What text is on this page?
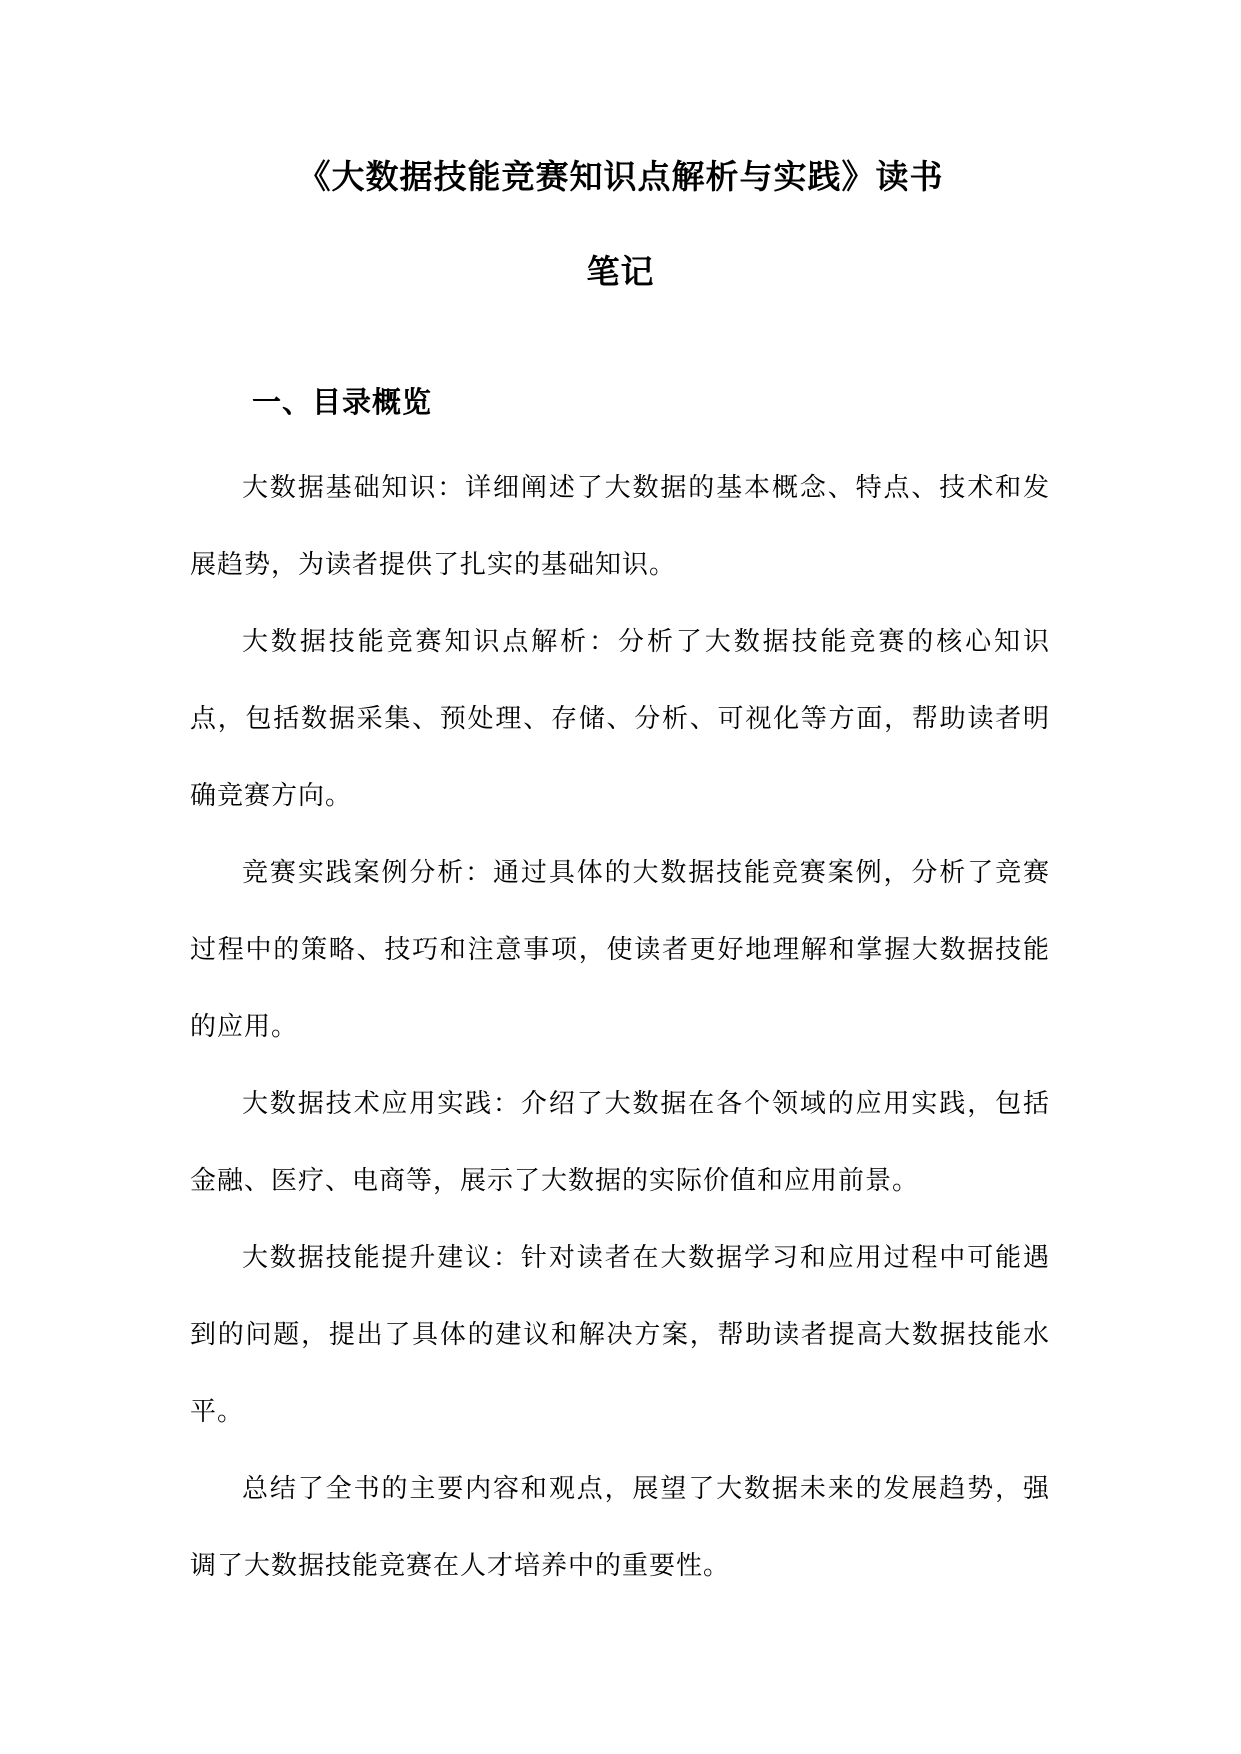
《大数据技能竞赛知识点解析与实践》读书
笔记
一、目录概览

大数据基础知识：详细阐述了大数据的基本概念、特点、技术和发展趋势，为读者提供了扎实的基础知识。

大数据技能竞赛知识点解析：分析了大数据技能竞赛的核心知识点，包括数据采集、预处理、存储、分析、可视化等方面，帮助读者明确竞赛方向。

竞赛实践案例分析：通过具体的大数据技能竞赛案例，分析了竞赛过程中的策略、技巧和注意事项，使读者更好地理解和掌握大数据技能的应用。

大数据技术应用实践：介绍了大数据在各个领域的应用实践，包括金融、医疗、电商等，展示了大数据的实际价值和应用前景。

大数据技能提升建议：针对读者在大数据学习和应用过程中可能遇到的问题，提出了具体的建议和解决方案，帮助读者提高大数据技能水平。

总结了全书的主要内容和观点，展望了大数据未来的发展趋势，强调了大数据技能竞赛在人才培养中的重要性。
